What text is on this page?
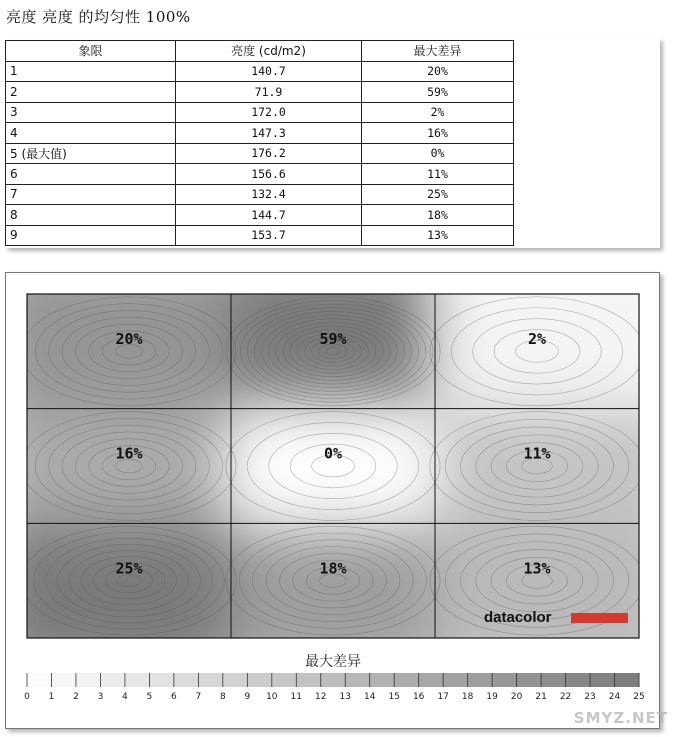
亮度 亮度 的均匀性 100%
象限	亮度 (cd/m2)	最大差异
1	140.7	20%
2	71.9	59%
3	172.0	2%
4	147.3	16%
5 (最大值)	176.2	0%
6	156.6	11%
7	132.4	25%
8	144.7	18%
9	153.7	13%
20%	59%	2%
16%	0%	11%
25%	18%	13%
datacolor
最大差异
0 1 2 3 4 5 6 7 8 9 10 11 12 13 14 15 16 17 18 19 20 21 22 23 24 25
SMYZ.NET
